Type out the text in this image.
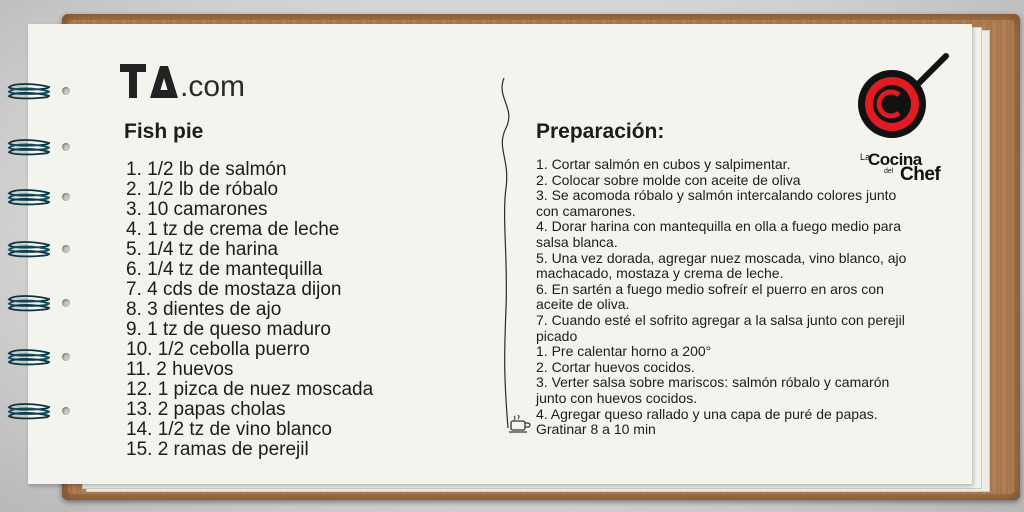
.com
Fish pie
1. 1/2 lb de salmón
2. 1/2 lb de róbalo
3. 10 camarones
4. 1 tz de crema de leche
5. 1/4 tz de harina
6. 1/4 tz de mantequilla
7. 4 cds de mostaza dijon
8. 3 dientes de ajo
9. 1 tz de queso maduro
10. 1/2 cebolla puerro
11. 2 huevos
12. 1 pizca de nuez moscada
13. 2 papas cholas
14. 1/2 tz de vino blanco
15. 2 ramas de perejil
Preparación:
1. Cortar salmón en cubos y salpimentar.
2. Colocar sobre molde con aceite de oliva
3. Se acomoda róbalo y salmón intercalando colores junto con camarones.
4. Dorar harina con mantequilla en olla a fuego medio para salsa blanca.
5. Una vez dorada, agregar nuez moscada, vino blanco, ajo machacado, mostaza y crema de leche.
6. En sartén a fuego medio sofreír el puerro en aros con aceite de oliva.
7. Cuando esté el sofrito agregar a la salsa junto con perejil picado
1. Pre calentar horno a 200°
2. Cortar huevos cocidos.
3. Verter salsa sobre mariscos: salmón róbalo y camarón junto con huevos cocidos.
4. Agregar queso rallado y una capa de puré de papas. Gratinar 8 a 10 min
La
Cocina
del Chef
